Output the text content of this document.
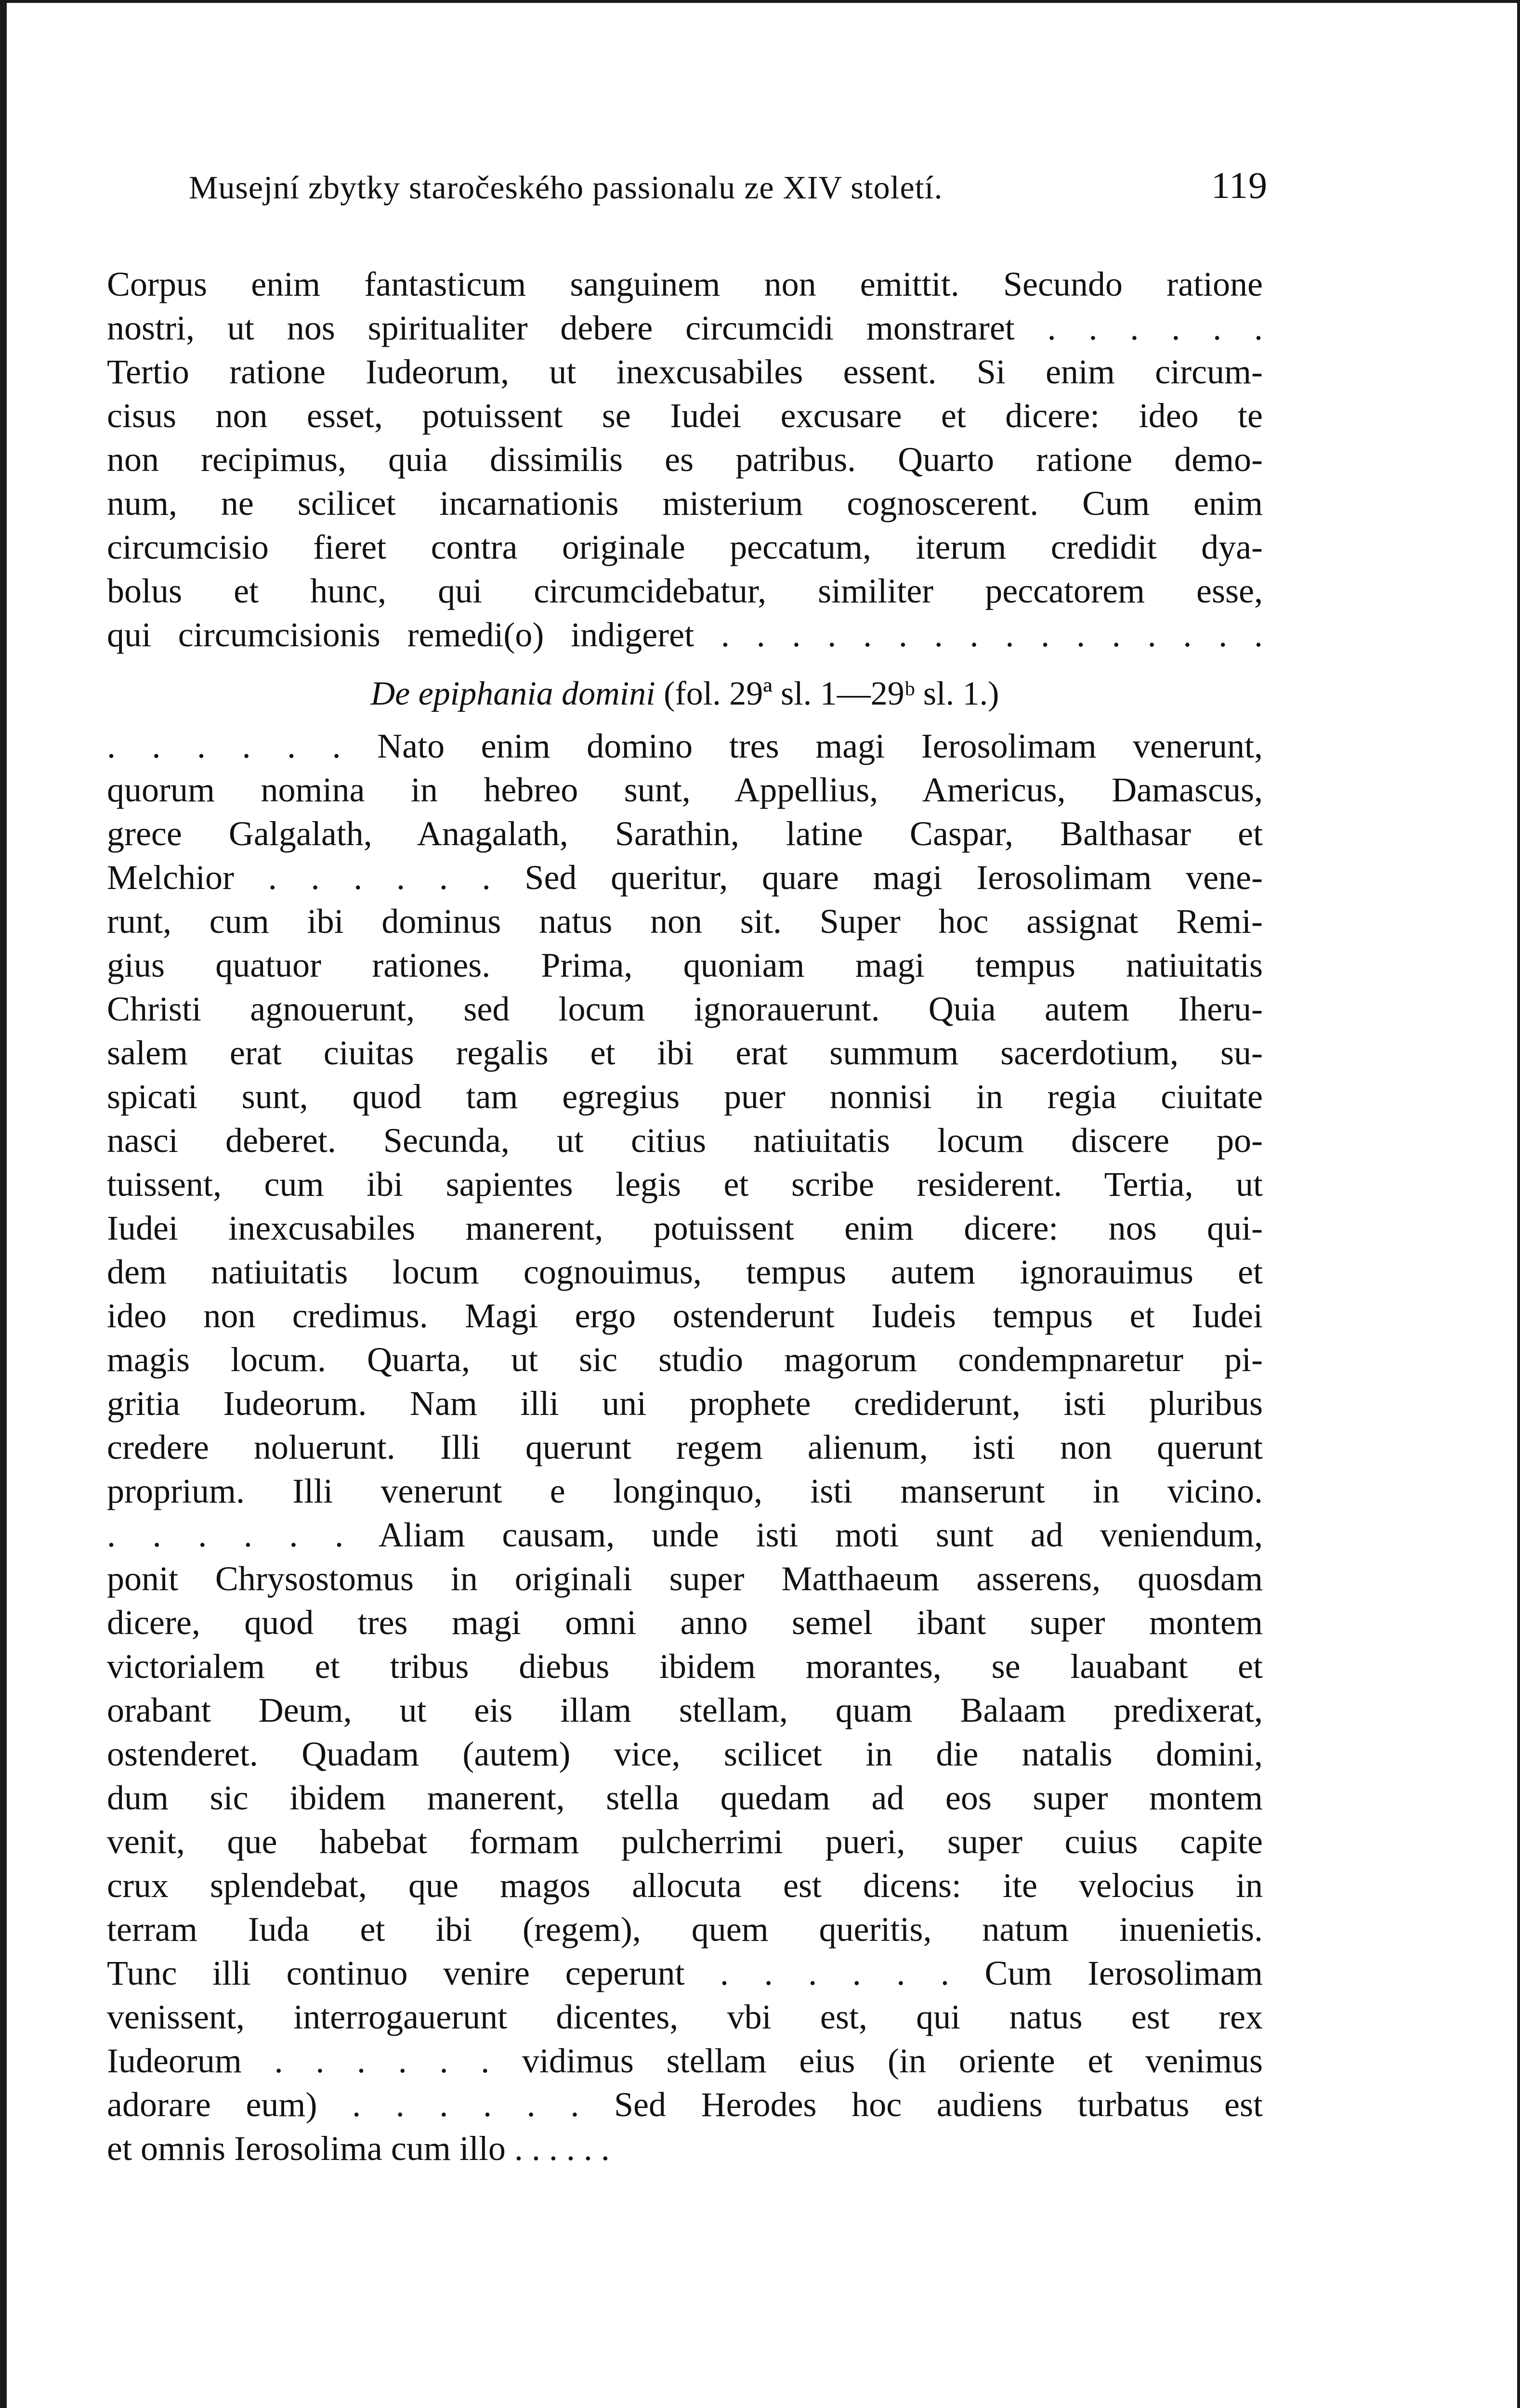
Musejní zbytky staročeského passionalu ze XIV století.	119
Corpus enim fantasticum sanguinem non emittit. Secundo ratione
nostri, ut nos spiritualiter debere circumcidi monstraret . . . . . .
Tertio ratione Iudeorum, ut inexcusabiles essent. Si enim circum-
cisus non esset, potuissent se Iudei excusare et dicere: ideo te
non recipimus, quia dissimilis es patribus. Quarto ratione demo-
num, ne scilicet incarnationis misterium cognoscerent. Cum enim
circumcisio fieret contra originale peccatum, iterum credidit dya-
bolus et hunc, qui circumcidebatur, similiter peccatorem esse,
qui circumcisionis remedi(o) indigeret . . . . . . . . . . . . . . . .
De epiphania domini (fol. 29ª sl. 1—29ᵇ sl. 1.)
. . . . . . Nato enim domino tres magi Ierosolimam venerunt,
quorum nomina in hebreo sunt, Appellius, Americus, Damascus,
grece Galgalath, Anagalath, Sarathin, latine Caspar, Balthasar et
Melchior . . . . . . Sed queritur, quare magi Ierosolimam vene-
runt, cum ibi dominus natus non sit. Super hoc assignat Remi-
gius quatuor rationes. Prima, quoniam magi tempus natiuitatis
Christi agnouerunt, sed locum ignorauerunt. Quia autem Iheru-
salem erat ciuitas regalis et ibi erat summum sacerdotium, su-
spicati sunt, quod tam egregius puer nonnisi in regia ciuitate
nasci deberet. Secunda, ut citius natiuitatis locum discere po-
tuissent, cum ibi sapientes legis et scribe residerent. Tertia, ut
Iudei inexcusabiles manerent, potuissent enim dicere: nos qui-
dem natiuitatis locum cognouimus, tempus autem ignorauimus et
ideo non credimus. Magi ergo ostenderunt Iudeis tempus et Iudei
magis locum. Quarta, ut sic studio magorum condempnaretur pi-
gritia Iudeorum. Nam illi uni prophete crediderunt, isti pluribus
credere noluerunt. Illi querunt regem alienum, isti non querunt
proprium. Illi venerunt e longinquo, isti manserunt in vicino.
. . . . . . Aliam causam, unde isti moti sunt ad veniendum,
ponit Chrysostomus in originali super Matthaeum asserens, quosdam
dicere, quod tres magi omni anno semel ibant super montem
victorialem et tribus diebus ibidem morantes, se lauabant et
orabant Deum, ut eis illam stellam, quam Balaam predixerat,
ostenderet. Quadam (autem) vice, scilicet in die natalis domini,
dum sic ibidem manerent, stella quedam ad eos super montem
venit, que habebat formam pulcherrimi pueri, super cuius capite
crux splendebat, que magos allocuta est dicens: ite velocius in
terram Iuda et ibi (regem), quem queritis, natum inuenietis.
Tunc illi continuo venire ceperunt . . . . . . Cum Ierosolimam
venissent, interrogauerunt dicentes, vbi est, qui natus est rex
Iudeorum . . . . . . vidimus stellam eius (in oriente et venimus
adorare eum) . . . . . . Sed Herodes hoc audiens turbatus est
et omnis Ierosolima cum illo . . . . . .
